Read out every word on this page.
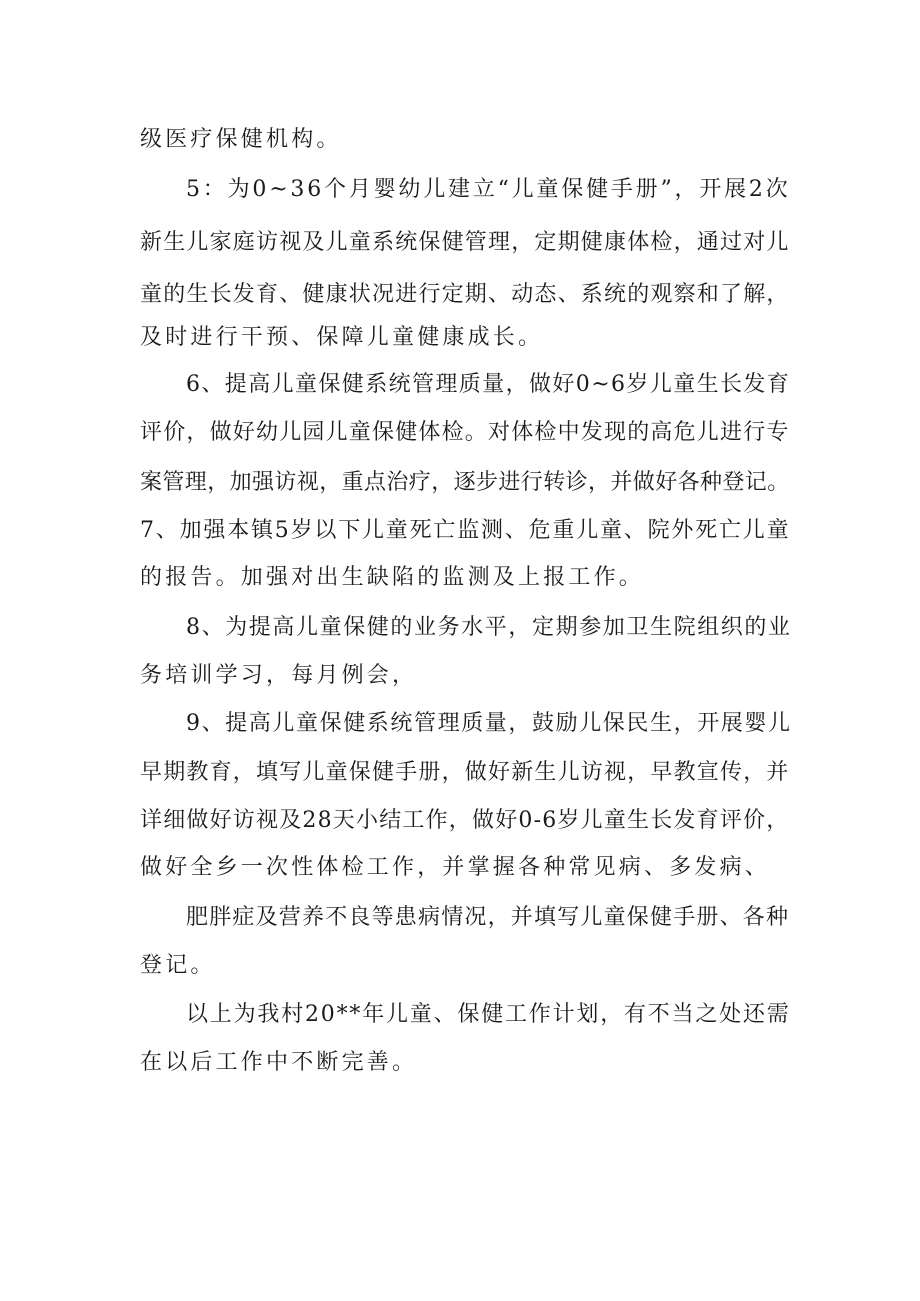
级医疗保健机构。
5：为0~36个月婴幼儿建立“儿童保健手册”，开展2次
新生儿家庭访视及儿童系统保健管理，定期健康体检，通过对儿
童的生长发育、健康状况进行定期、动态、系统的观察和了解，
及时进行干预、保障儿童健康成长。
6、提高儿童保健系统管理质量，做好0~6岁儿童生长发育
评价，做好幼儿园儿童保健体检。对体检中发现的高危儿进行专
案管理，加强访视，重点治疗，逐步进行转诊，并做好各种登记。
7、加强本镇5岁以下儿童死亡监测、危重儿童、院外死亡儿童
的报告。加强对出生缺陷的监测及上报工作。
8、为提高儿童保健的业务水平，定期参加卫生院组织的业
务培训学习，每月例会，
9、提高儿童保健系统管理质量，鼓励儿保民生，开展婴儿
早期教育，填写儿童保健手册，做好新生儿访视，早教宣传，并
详细做好访视及28天小结工作，做好0-6岁儿童生长发育评价，
做好全乡一次性体检工作，并掌握各种常见病、多发病、
肥胖症及营养不良等患病情况，并填写儿童保健手册、各种
登记。
以上为我村20**年儿童、保健工作计划，有不当之处还需
在以后工作中不断完善。
